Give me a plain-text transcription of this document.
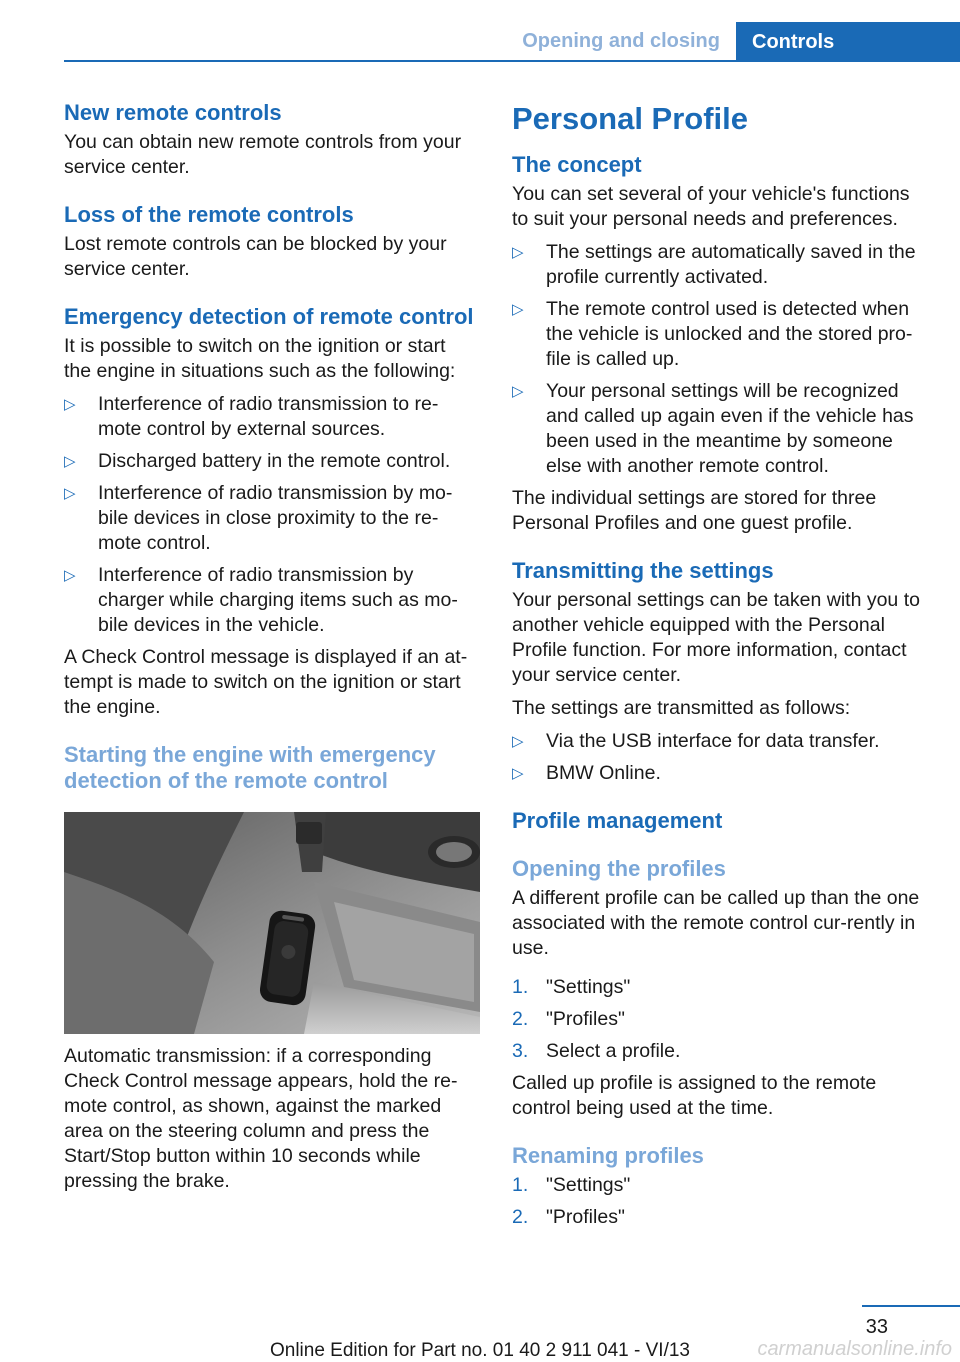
Opening and closing	Controls
New remote controls

You can obtain new remote controls from your service center.

Loss of the remote controls

Lost remote controls can be blocked by your service center.

Emergency detection of remote control

It is possible to switch on the ignition or start the engine in situations such as the following:

▷ Interference of radio transmission to re‐mote control by external sources.
▷ Discharged battery in the remote control.
▷ Interference of radio transmission by mo‐bile devices in close proximity to the re‐mote control.
▷ Interference of radio transmission by charger while charging items such as mo‐bile devices in the vehicle.

A Check Control message is displayed if an at‐tempt is made to switch on the ignition or start the engine.

Starting the engine with emergency detection of the remote control

Automatic transmission: if a corresponding Check Control message appears, hold the re‐mote control, as shown, against the marked area on the steering column and press the Start/Stop button within 10 seconds while pressing the brake.

Personal Profile
The concept

You can set several of your vehicle's functions to suit your personal needs and preferences.

▷ The settings are automatically saved in the profile currently activated.
▷ The remote control used is detected when the vehicle is unlocked and the stored pro‐file is called up.
▷ Your personal settings will be recognized and called up again even if the vehicle has been used in the meantime by someone else with another remote control.

The individual settings are stored for three Personal Profiles and one guest profile.

Transmitting the settings

Your personal settings can be taken with you to another vehicle equipped with the Personal Profile function. For more information, contact your service center.

The settings are transmitted as follows:

▷ Via the USB interface for data transfer.
▷ BMW Online.
Profile management
Opening the profiles

A different profile can be called up than the one associated with the remote control cur‐rently in use.

1. "Settings"
2. "Profiles"
3. Select a profile.

Called up profile is assigned to the remote control being used at the time.

Renaming profiles
1. "Settings"
2. "Profiles"
33
Online Edition for Part no. 01 40 2 911 041 - VI/13	carmanualsonline.info
